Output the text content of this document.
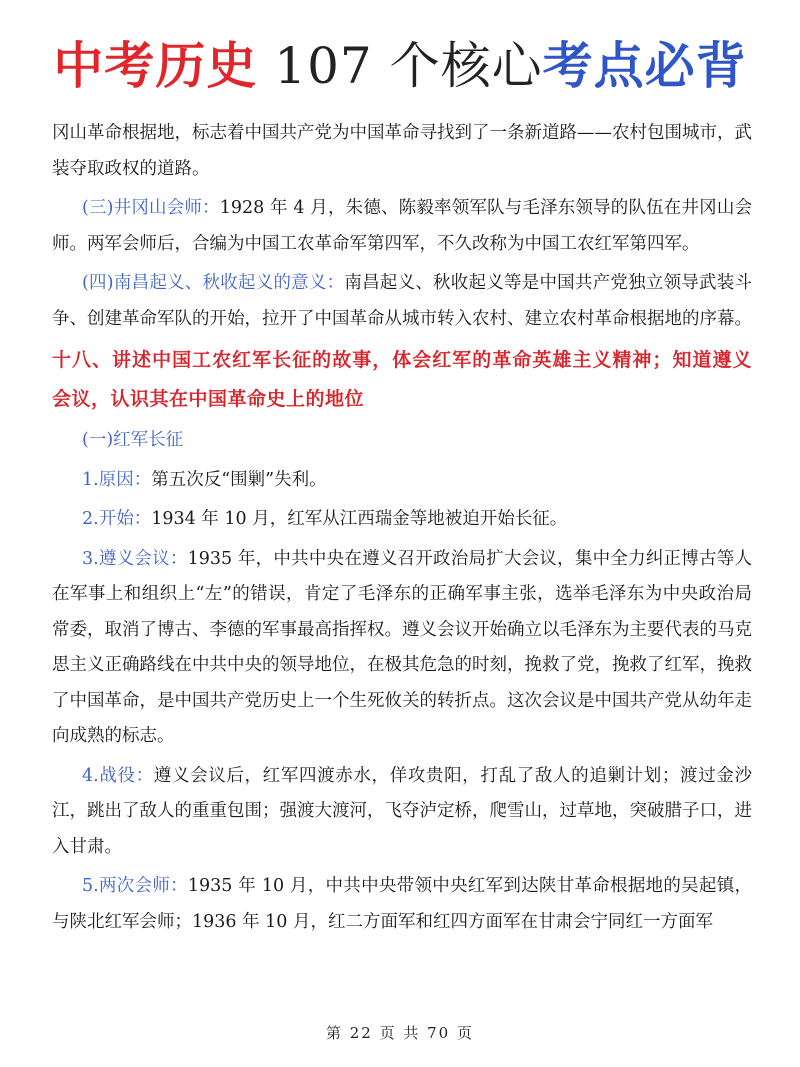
中考历史 107 个核心考点必背

冈山革命根据地，标志着中国共产党为中国革命寻找到了一条新道路——农村包围城市，武装夺取政权的道路。

(三)井冈山会师：1928 年 4 月，朱德、陈毅率领军队与毛泽东领导的队伍在井冈山会师。两军会师后，合编为中国工农革命军第四军，不久改称为中国工农红军第四军。

(四)南昌起义、秋收起义的意义：南昌起义、秋收起义等是中国共产党独立领导武装斗争、创建革命军队的开始，拉开了中国革命从城市转入农村、建立农村革命根据地的序幕。

十八、讲述中国工农红军长征的故事，体会红军的革命英雄主义精神；知道遵义会议，认识其在中国革命史上的地位

(一)红军长征

1.原因：第五次反“围剿”失利。

2.开始：1934 年 10 月，红军从江西瑞金等地被迫开始长征。

3.遵义会议：1935 年，中共中央在遵义召开政治局扩大会议，集中全力纠正博古等人在军事上和组织上“左”的错误，肯定了毛泽东的正确军事主张，选举毛泽东为中央政治局常委，取消了博古、李德的军事最高指挥权。遵义会议开始确立以毛泽东为主要代表的马克思主义正确路线在中共中央的领导地位，在极其危急的时刻，挽救了党，挽救了红军，挽救了中国革命，是中国共产党历史上一个生死攸关的转折点。这次会议是中国共产党从幼年走向成熟的标志。

4.战役：遵义会议后，红军四渡赤水，佯攻贵阳，打乱了敌人的追剿计划；渡过金沙江，跳出了敌人的重重包围；强渡大渡河，飞夺泸定桥，爬雪山，过草地，突破腊子口，进入甘肃。

5.两次会师：1935 年 10 月，中共中央带领中央红军到达陕甘革命根据地的吴起镇，与陕北红军会师；1936 年 10 月，红二方面军和红四方面军在甘肃会宁同红一方面军

第 22 页 共 70 页
